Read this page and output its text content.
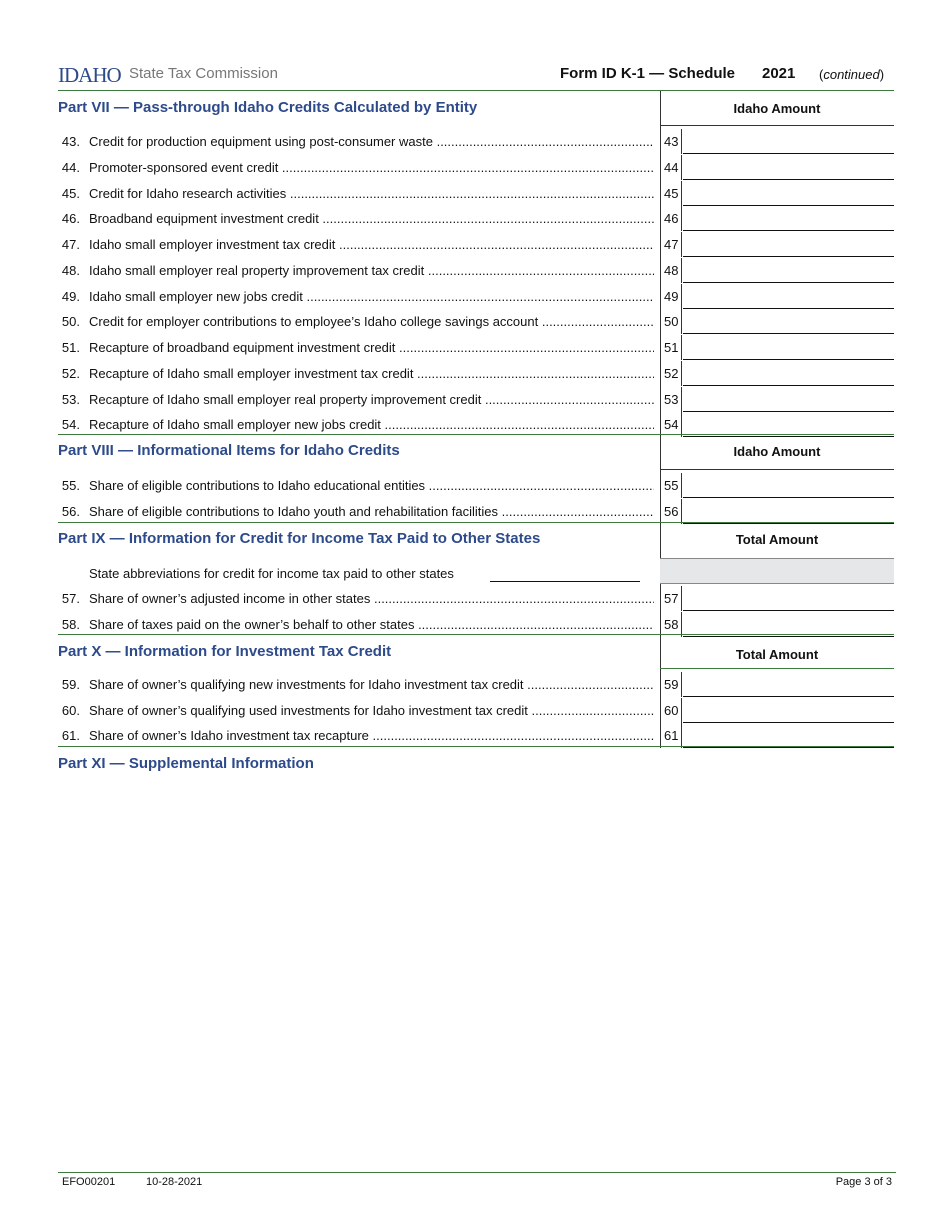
IDAHO State Tax Commission	Form ID K-1 — Schedule 2021 (continued)
Part VII — Pass-through Idaho Credits Calculated by Entity	Idaho Amount
43. Credit for production equipment using post-consumer waste .....	43
44. Promoter-sponsored event credit .....	44
45. Credit for Idaho research activities .....	45
46. Broadband equipment investment credit .....	46
47. Idaho small employer investment tax credit .....	47
48. Idaho small employer real property improvement tax credit .....	48
49. Idaho small employer new jobs credit .....	49
50. Credit for employer contributions to employee’s Idaho college savings account .....	50
51. Recapture of broadband equipment investment credit .....	51
52. Recapture of Idaho small employer investment tax credit .....	52
53. Recapture of Idaho small employer real property improvement credit .....	53
54. Recapture of Idaho small employer new jobs credit .....	54
Part VIII — Informational Items for Idaho Credits	Idaho Amount
55. Share of eligible contributions to Idaho educational entities .....	55
56. Share of eligible contributions to Idaho youth and rehabilitation facilities .....	56
Part IX — Information for Credit for Income Tax Paid to Other States	Total Amount
State abbreviations for credit for income tax paid to other states
57. Share of owner’s adjusted income in other states .....	57
58. Share of taxes paid on the owner’s behalf to other states .....	58
Part X — Information for Investment Tax Credit	Total Amount
59. Share of owner’s qualifying new investments for Idaho investment tax credit .....	59
60. Share of owner’s qualifying used investments for Idaho investment tax credit .....	60
61. Share of owner’s Idaho investment tax recapture .....	61
Part XI — Supplemental Information
EFO00201	10-28-2021	Page 3 of 3
